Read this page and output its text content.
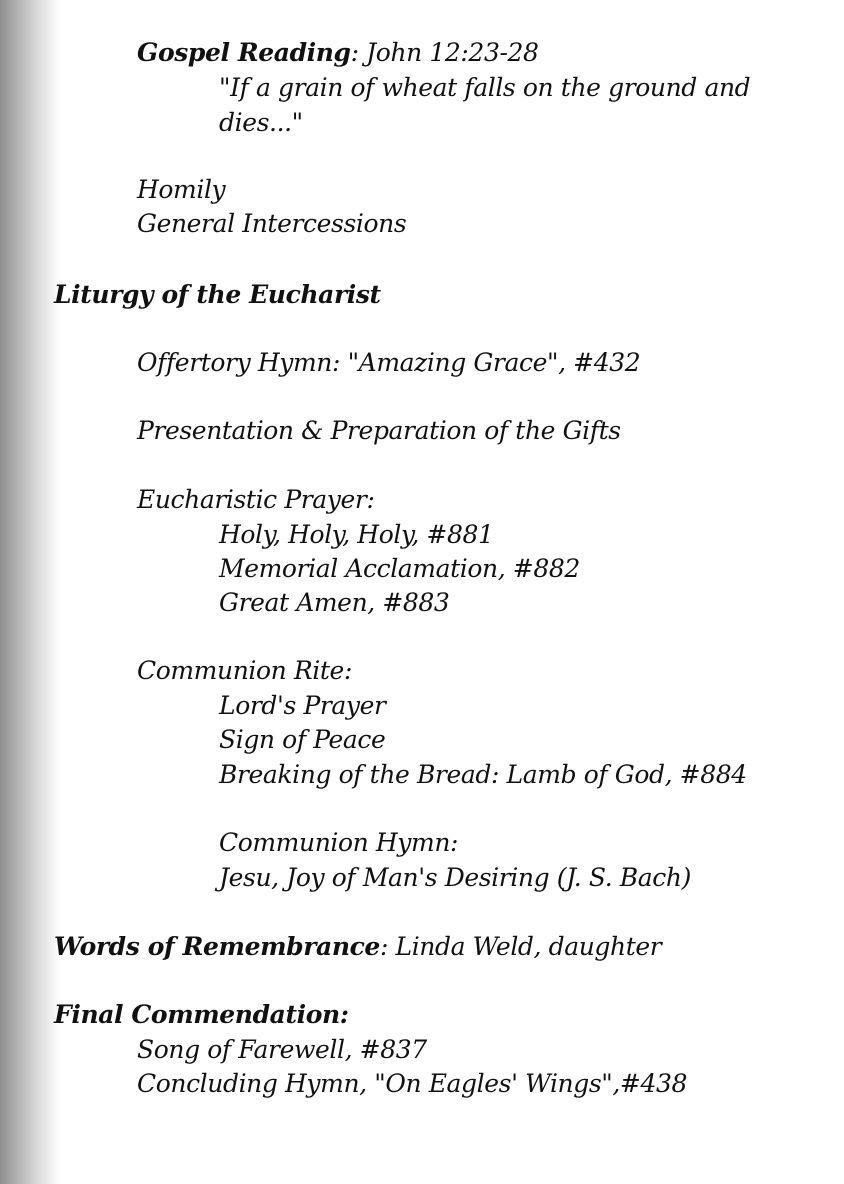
Gospel Reading: John 12:23-28
"If a grain of wheat falls on the ground and
dies..."
Homily
General Intercessions
Liturgy of the Eucharist
Offertory Hymn: "Amazing Grace", #432
Presentation & Preparation of the Gifts
Eucharistic Prayer:
Holy, Holy, Holy, #881
Memorial Acclamation, #882
Great Amen, #883
Communion Rite:
Lord's Prayer
Sign of Peace
Breaking of the Bread: Lamb of God, #884
Communion Hymn:
Jesu, Joy of Man's Desiring (J. S. Bach)
Words of Remembrance: Linda Weld, daughter
Final Commendation:
Song of Farewell, #837
Concluding Hymn, "On Eagles' Wings",#438
